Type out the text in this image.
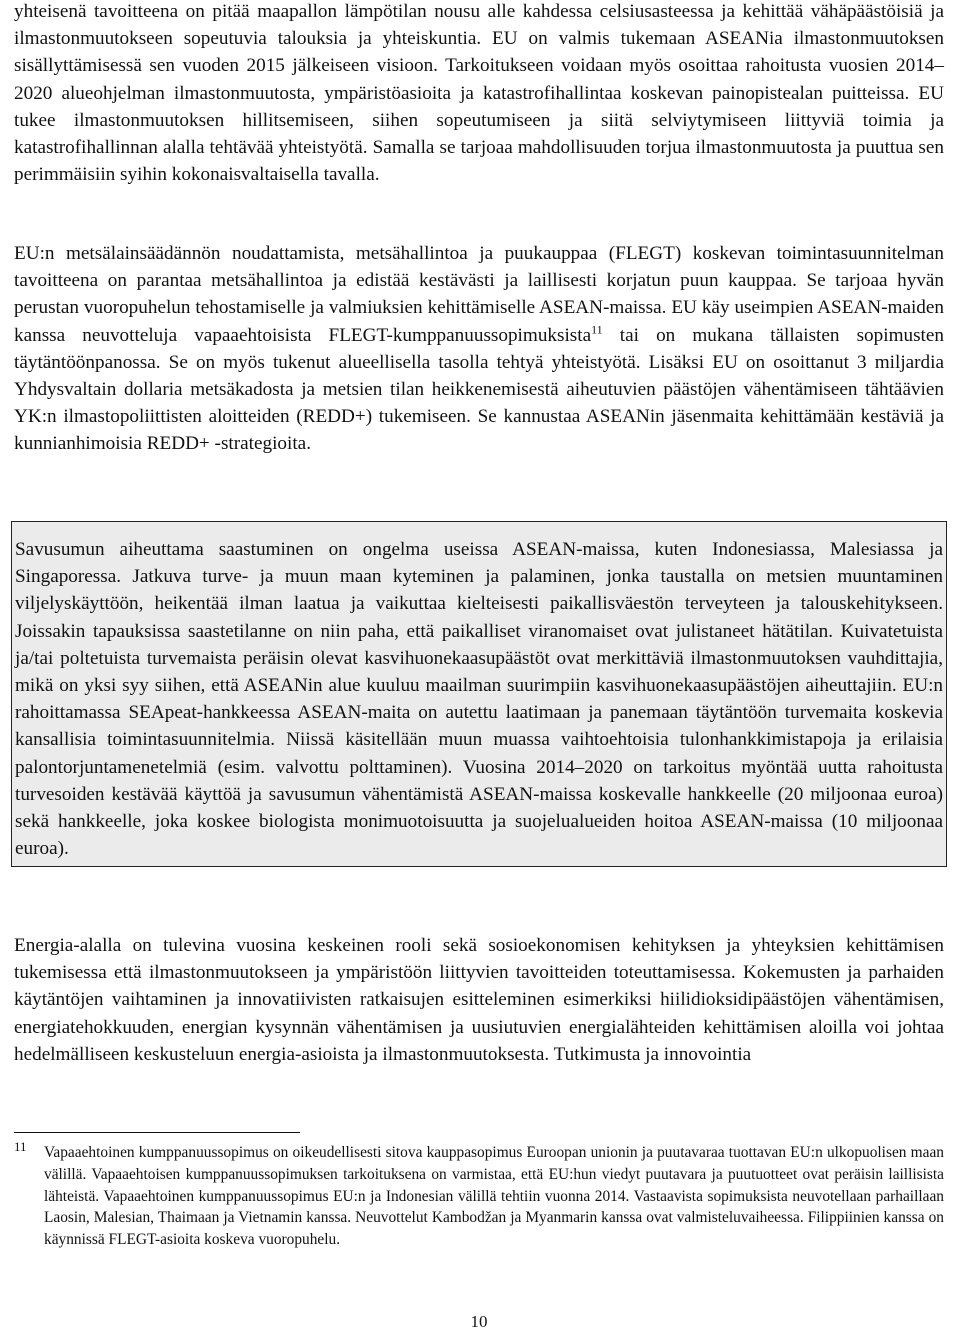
yhteisenä tavoitteena on pitää maapallon lämpötilan nousu alle kahdessa celsiusasteessa ja kehittää vähäpäästöisiä ja ilmastonmuutokseen sopeutuvia talouksia ja yhteiskuntia. EU on valmis tukemaan ASEANia ilmastonmuutoksen sisällyttämisessä sen vuoden 2015 jälkeiseen visioon. Tarkoitukseen voidaan myös osoittaa rahoitusta vuosien 2014–2020 alueohjelman ilmastonmuutosta, ympäristöasioita ja katastrofihallintaa koskevan painopistealan puitteissa. EU tukee ilmastonmuutoksen hillitsemiseen, siihen sopeutumiseen ja siitä selviytymiseen liittyviä toimia ja katastrofihallinnan alalla tehtävää yhteistyötä. Samalla se tarjoaa mahdollisuuden torjua ilmastonmuutosta ja puuttua sen perimmäisiin syihin kokonaisvaltaisella tavalla.

EU:n metsälainsäädännön noudattamista, metsähallintoa ja puukauppaa (FLEGT) koskevan toimintasuunnitelman tavoitteena on parantaa metsähallintoa ja edistää kestävästi ja laillisesti korjatun puun kauppaa. Se tarjoaa hyvän perustan vuoropuhelun tehostamiselle ja valmiuksien kehittämiselle ASEAN-maissa. EU käy useimpien ASEAN-maiden kanssa neuvotteluja vapaaehtoisista FLEGT-kumppanuussopimuksista$^{11}$ tai on mukana tällaisten sopimusten täytäntöönpanossa. Se on myös tukenut alueellisella tasolla tehtyä yhteistyötä. Lisäksi EU on osoittanut 3 miljardia Yhdysvaltain dollaria metsäkadosta ja metsien tilan heikkenemisestä aiheutuvien päästöjen vähentämiseen tähtäävien YK:n ilmastopoliittisten aloitteiden (REDD+) tukemiseen. Se kannustaa ASEANin jäsenmaita kehittämään kestäviä ja kunnianhimoisia REDD+ -strategioita.

Savusumun aiheuttama saastuminen on ongelma useissa ASEAN-maissa, kuten Indonesiassa, Malesiassa ja Singaporessa. Jatkuva turve- ja muun maan kyteminen ja palaminen, jonka taustalla on metsien muuntaminen viljelyskäyttöön, heikentää ilman laatua ja vaikuttaa kielteisesti paikallisväestön terveyteen ja talouskehitykseen. Joissakin tapauksissa saastetilanne on niin paha, että paikalliset viranomaiset ovat julistaneet hätätilan. Kuivatetuista ja/tai poltetuista turvemaista peräisin olevat kasvihuonekaasupäästöt ovat merkittäviä ilmastonmuutoksen vauhdittajia, mikä on yksi syy siihen, että ASEANin alue kuuluu maailman suurimpiin kasvihuonekaasupäästöjen aiheuttajiin. EU:n rahoittamassa SEApeat-hankkeessa ASEAN-maita on autettu laatimaan ja panemaan täytäntöön turvemaita koskevia kansallisia toimintasuunnitelmia. Niissä käsitellään muun muassa vaihtoehtoisia tulonhankkimistapoja ja erilaisia palontorjuntamenetelmiä (esim. valvottu polttaminen). Vuosina 2014–2020 on tarkoitus myöntää uutta rahoitusta turvesoiden kestävää käyttöä ja savusumun vähentämistä ASEAN-maissa koskevalle hankkeelle (20 miljoonaa euroa) sekä hankkeelle, joka koskee biologista monimuotoisuutta ja suojelualueiden hoitoa ASEAN-maissa (10 miljoonaa euroa).

Energia-alalla on tulevina vuosina keskeinen rooli sekä sosioekonomisen kehityksen ja yhteyksien kehittämisen tukemisessa että ilmastonmuutokseen ja ympäristöön liittyvien tavoitteiden toteuttamisessa. Kokemusten ja parhaiden käytäntöjen vaihtaminen ja innovatiivisten ratkaisujen esitteleminen esimerkiksi hiilidioksidipäästöjen vähentämisen, energiatehokkuuden, energian kysynnän vähentämisen ja uusiutuvien energialähteiden kehittämisen aloilla voi johtaa hedelmälliseen keskusteluun energia-asioista ja ilmastonmuutoksesta. Tutkimusta ja innovointia

11 Vapaaehtoinen kumppanuussopimus on oikeudellisesti sitova kauppasopimus Euroopan unionin ja puutavaraa tuottavan EU:n ulkopuolisen maan välillä. Vapaaehtoisen kumppanuussopimuksen tarkoituksena on varmistaa, että EU:hun viedyt puutavara ja puutuotteet ovat peräisin laillisista lähteistä. Vapaaehtoinen kumppanuussopimus EU:n ja Indonesian välillä tehtiin vuonna 2014. Vastaavista sopimuksista neuvotellaan parhaillaan Laosin, Malesian, Thaimaan ja Vietnamin kanssa. Neuvottelut Kambodžan ja Myanmarin kanssa ovat valmisteluvaiheessa. Filippiinien kanssa on käynnissä FLEGT-asioita koskeva vuoropuhelu.
10
